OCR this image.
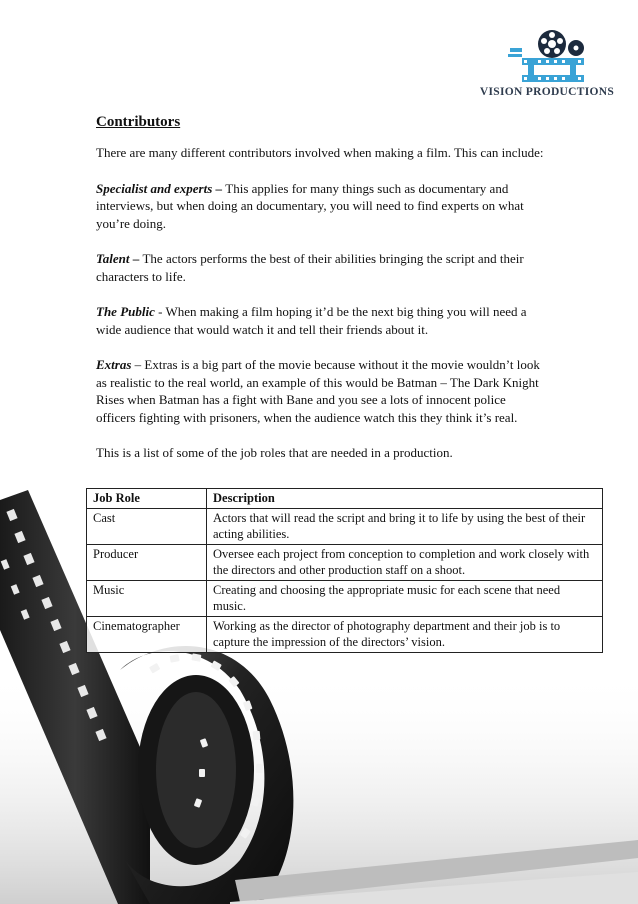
VISION PRODUCTIONS
Contributors

There are many different contributors involved when making a film. This can include:

Specialist and experts – This applies for many things such as documentary and interviews, but when doing an documentary, you will need to find experts on what you’re doing.

Talent – The actors performs the best of their abilities bringing the script and their characters to life.

The Public - When making a film hoping it’d be the next big thing you will need a wide audience that would watch it and tell their friends about it.

Extras – Extras is a big part of the movie because without it the movie wouldn’t look as realistic to the real world, an example of this would be Batman – The Dark Knight Rises when Batman has a fight with Bane and you see a lots of innocent police officers fighting with prisoners, when the audience watch this they think it’s real.

This is a list of some of the job roles that are needed in a production.

Job Role	Description
Cast	Actors that will read the script and bring it to life by using the best of their acting abilities.
Producer	Oversee each project from conception to completion and work closely with the directors and other production staff on a shoot.
Music	Creating and choosing the appropriate music for each scene that need music.
Cinematographer	Working as the director of photography department and their job is to capture the impression of the directors’ vision.
